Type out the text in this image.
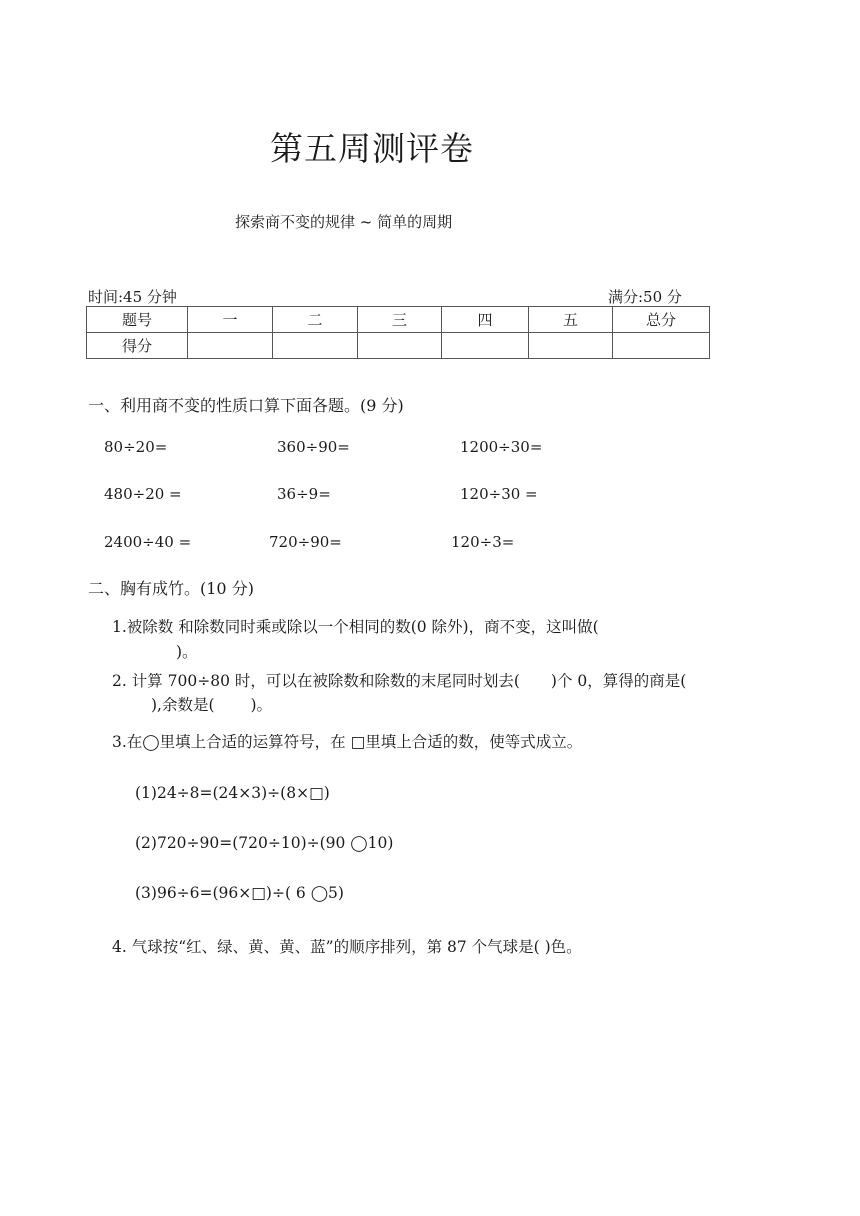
第五周测评卷
探索商不变的规律 ~ 简单的周期
时间:45 分钟	满分:50 分
题号	一	二	三	四	五	总分
得分						
一、利用商不变的性质口算下面各题。(9 分)
80÷20=	360÷90=	1200÷30=
480÷20 =	36÷9=	120÷30 =
2400÷40 =	720÷90=	120÷3=
二、胸有成竹。(10 分)
1.被除数 和除数同时乘或除以一个相同的数(0 除外)，商不变，这叫做(
)。
2. 计算 700÷80 时，可以在被除数和除数的末尾同时划去(　　)个 0，算得的商是(
),余数是(　　 )。
3.在◯里填上合适的运算符号，在 □里填上合适的数，使等式成立。
(1)24÷8=(24×3)÷(8×□)
(2)720÷90=(720÷10)÷(90 ◯10)
(3)96÷6=(96×□)÷( 6 ◯5)
4. 气球按“红、绿、黄、黄、蓝”的顺序排列，第 87 个气球是( )色。
